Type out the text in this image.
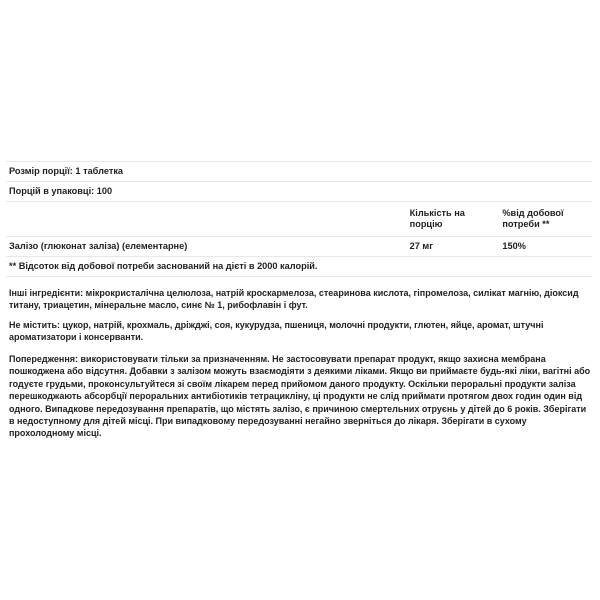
Розмір порції: 1 таблетка		
Порцій в упаковці: 100		
	Кількість на порцію	%від добової потреби **
Залізо (глюконат заліза) (елементарне)	27 мг	150%
** Відсоток від добової потреби заснований на дієті в 2000 калорій.		
Інші інгредієнти: мікрокристалічна целюлоза, натрій кроскармелоза, стеаринова кислота, гіпромелоза, силікат магнію, діоксид титану, триацетин, мінеральне масло, синє № 1, рибофлавін і фут.
Не містить: цукор, натрій, крохмаль, дріжджі, соя, кукурудза, пшениця, молочні продукти, глютен, яйце, аромат, штучні ароматизатори і консерванти.
Попередження: використовувати тільки за призначенням. Не застосовувати препарат продукт, якщо захисна мембрана пошкоджена або відсутня. Добавки з залізом можуть взаємодіяти з деякими ліками. Якщо ви приймаєте будь-які ліки, вагітні або годуєте грудьми, проконсультуйтеся зі своїм лікарем перед прийомом даного продукту. Оскільки пероральні продукти заліза перешкоджають абсорбції пероральних антибіотиків тетрацикліну, ці продукти не слід приймати протягом двох годин один від одного. Випадкове передозування препаратів, що містять залізо, є причиною смертельних отруєнь у дітей до 6 років. Зберігати в недоступному для дітей місці. При випадковому передозуванні негайно зверніться до лікаря. Зберігати в сухому прохолодному місці.
